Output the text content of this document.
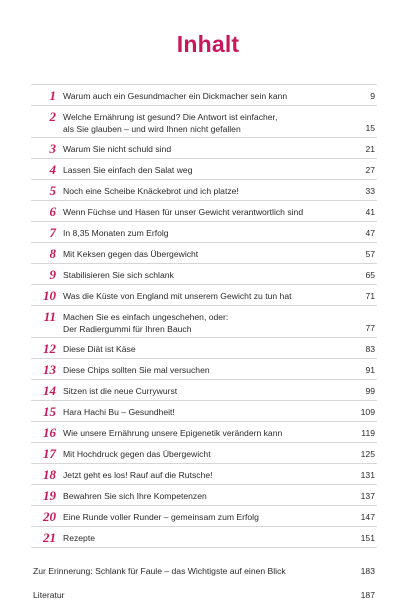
Inhalt
1 Warum auch ein Gesundmacher ein Dickmacher sein kann	9
2 Welche Ernährung ist gesund? Die Antwort ist einfacher,
als Sie glauben – und wird Ihnen nicht gefallen	15
3 Warum Sie nicht schuld sind	21
4 Lassen Sie einfach den Salat weg	27
5 Noch eine Scheibe Knäckebrot und ich platze!	33
6 Wenn Füchse und Hasen für unser Gewicht verantwortlich sind	41
7 In 8,35 Monaten zum Erfolg	47
8 Mit Keksen gegen das Übergewicht	57
9 Stabilisieren Sie sich schlank	65
10 Was die Küste von England mit unserem Gewicht zu tun hat	71
11 Machen Sie es einfach ungeschehen, oder:
Der Radiergummi für Ihren Bauch	77
12 Diese Diät ist Käse	83
13 Diese Chips sollten Sie mal versuchen	91
14 Sitzen ist die neue Currywurst	99
15 Hara Hachi Bu – Gesundheit!	109
16 Wie unsere Ernährung unsere Epigenetik verändern kann	119
17 Mit Hochdruck gegen das Übergewicht	125
18 Jetzt geht es los! Rauf auf die Rutsche!	131
19 Bewahren Sie sich Ihre Kompetenzen	137
20 Eine Runde voller Runder – gemeinsam zum Erfolg	147
21 Rezepte	151
Zur Erinnerung: Schlank für Faule – das Wichtigste auf einen Blick	183
Literatur	187
